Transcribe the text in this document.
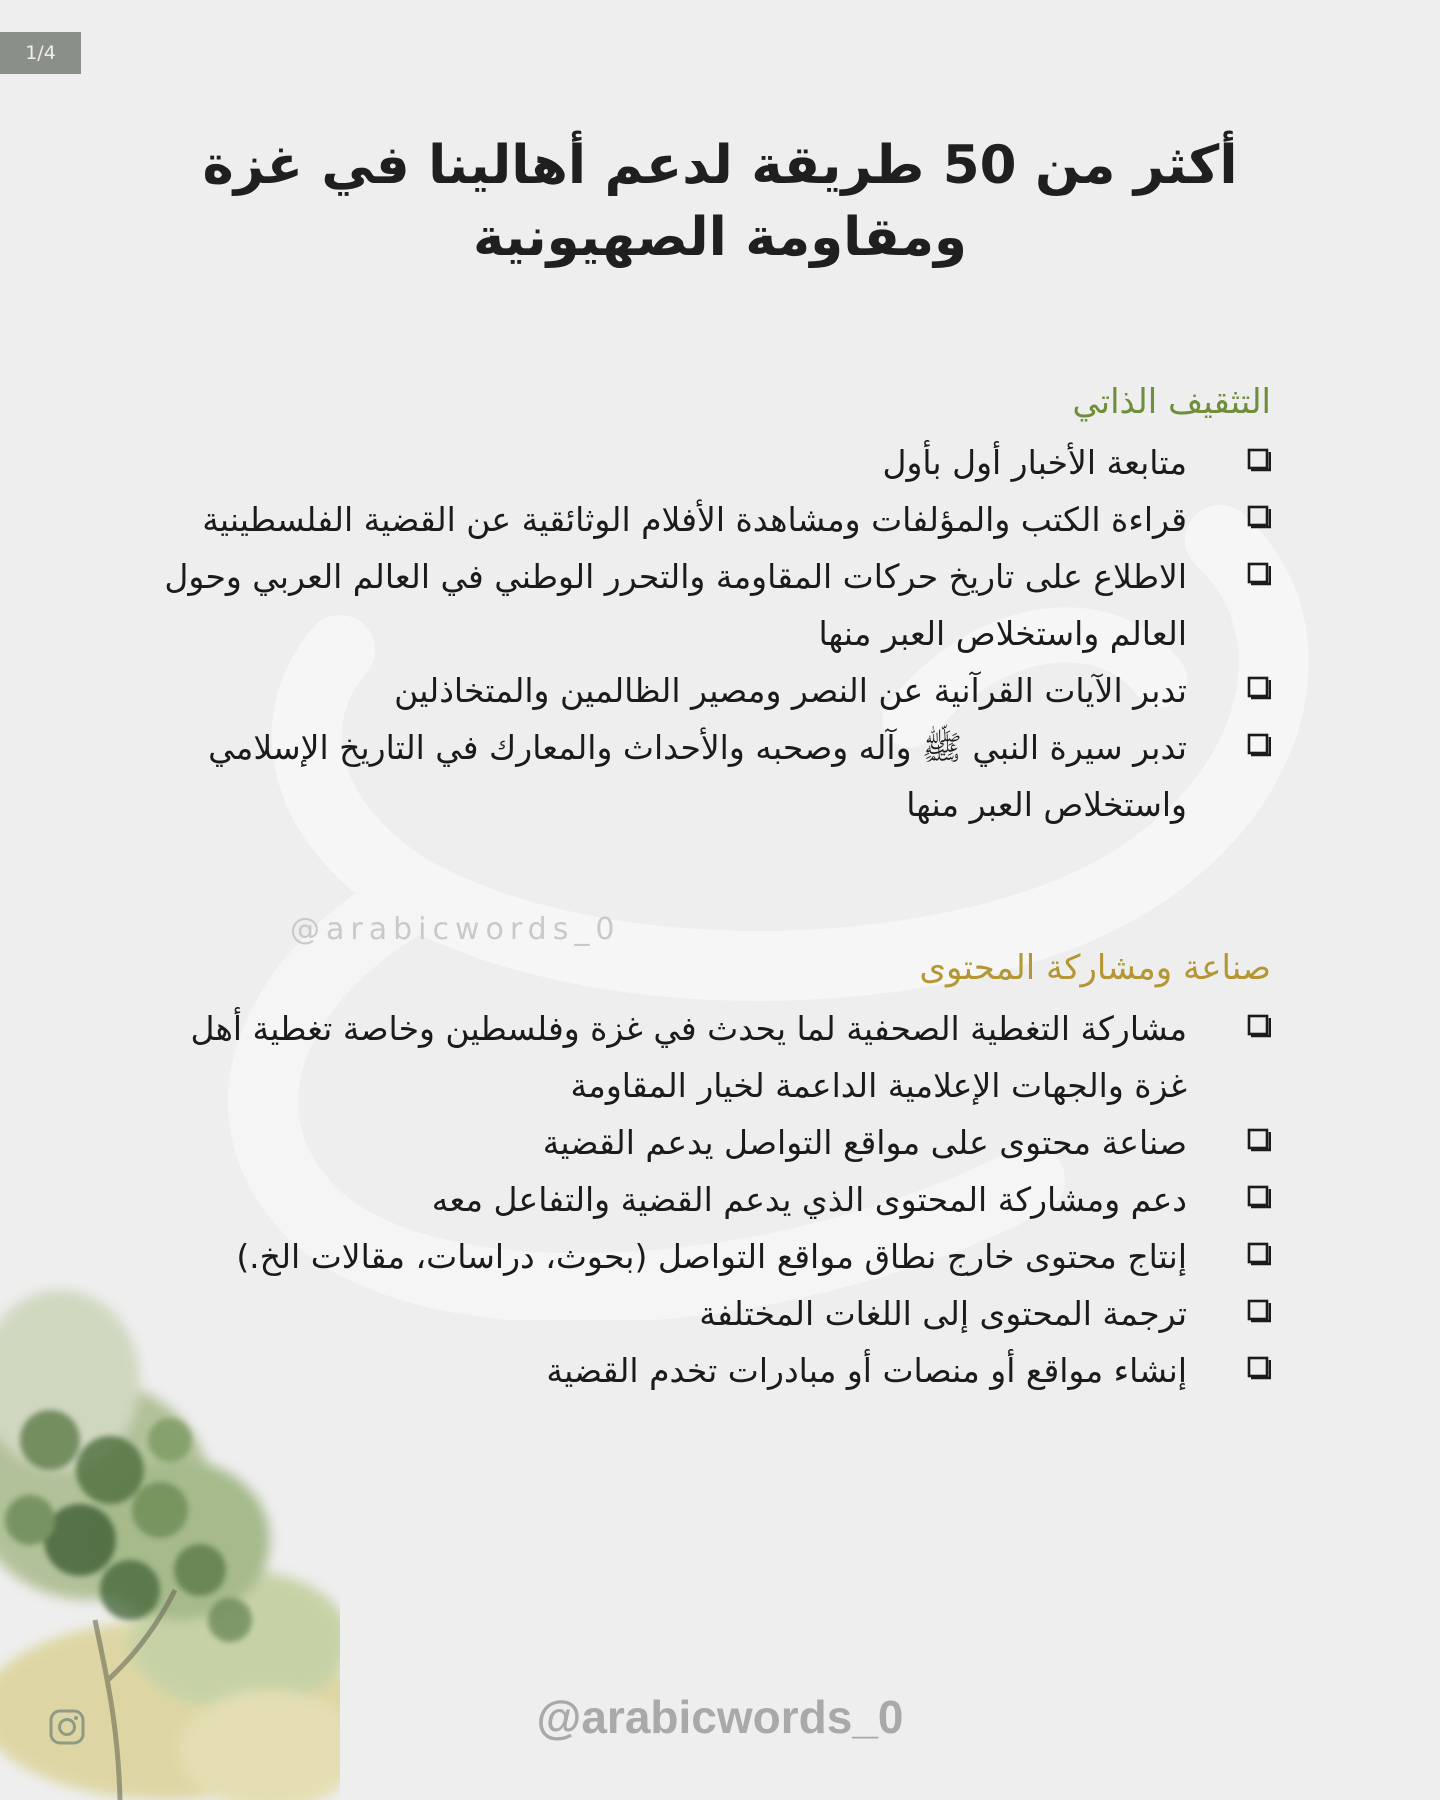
1/4
أكثر من 50 طريقة لدعم أهالينا في غزة
ومقاومة الصهيونية
التثقيف الذاتي
متابعة الأخبار أول بأول
قراءة الكتب والمؤلفات ومشاهدة الأفلام الوثائقية عن القضية الفلسطينية
الاطلاع على تاريخ حركات المقاومة والتحرر الوطني في العالم العربي وحول العالم واستخلاص العبر منها
تدبر الآيات القرآنية عن النصر ومصير الظالمين والمتخاذلين
تدبر سيرة النبي ﷺ وآله وصحبه والأحداث والمعارك في التاريخ الإسلامي واستخلاص العبر منها
@arabicwords_0
صناعة ومشاركة المحتوى
مشاركة التغطية الصحفية لما يحدث في غزة وفلسطين وخاصة تغطية أهل غزة والجهات الإعلامية الداعمة لخيار المقاومة
صناعة محتوى على مواقع التواصل يدعم القضية
دعم ومشاركة المحتوى الذي يدعم القضية والتفاعل معه
إنتاج محتوى خارج نطاق مواقع التواصل (بحوث، دراسات، مقالات الخ.)
ترجمة المحتوى إلى اللغات المختلفة
إنشاء مواقع أو منصات أو مبادرات تخدم القضية
@arabicwords_0
